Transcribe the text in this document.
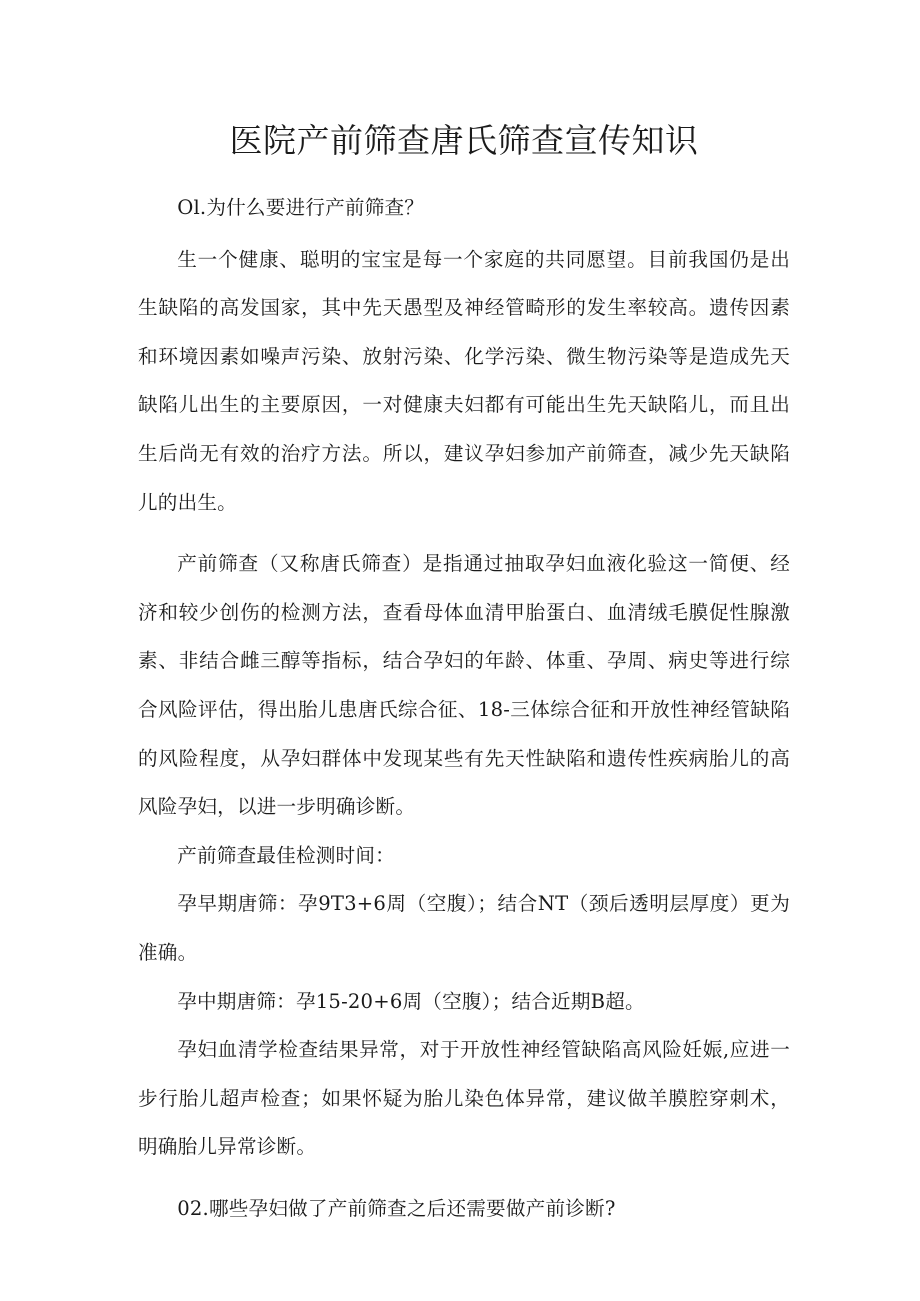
医院产前筛查唐氏筛查宣传知识

Ol.为什么要进行产前筛查？

生一个健康、聪明的宝宝是每一个家庭的共同愿望。目前我国仍是出生缺陷的高发国家，其中先天愚型及神经管畸形的发生率较高。遗传因素和环境因素如噪声污染、放射污染、化学污染、微生物污染等是造成先天缺陷儿出生的主要原因，一对健康夫妇都有可能出生先天缺陷儿，而且出生后尚无有效的治疗方法。所以，建议孕妇参加产前筛查，减少先天缺陷儿的出生。

产前筛查（又称唐氏筛查）是指通过抽取孕妇血液化验这一简便、经济和较少创伤的检测方法，查看母体血清甲胎蛋白、血清绒毛膜促性腺激素、非结合雌三醇等指标，结合孕妇的年龄、体重、孕周、病史等进行综合风险评估，得出胎儿患唐氏综合征、18-三体综合征和开放性神经管缺陷的风险程度，从孕妇群体中发现某些有先天性缺陷和遗传性疾病胎儿的高风险孕妇，以进一步明确诊断。

产前筛查最佳检测时间：

孕早期唐筛：孕9T3+6周（空腹）；结合NT（颈后透明层厚度）更为准确。

孕中期唐筛：孕15-20+6周（空腹）；结合近期B超。

孕妇血清学检查结果异常，对于开放性神经管缺陷高风险妊娠,应进一步行胎儿超声检查；如果怀疑为胎儿染色体异常，建议做羊膜腔穿刺术，明确胎儿异常诊断。

02.哪些孕妇做了产前筛查之后还需要做产前诊断?
